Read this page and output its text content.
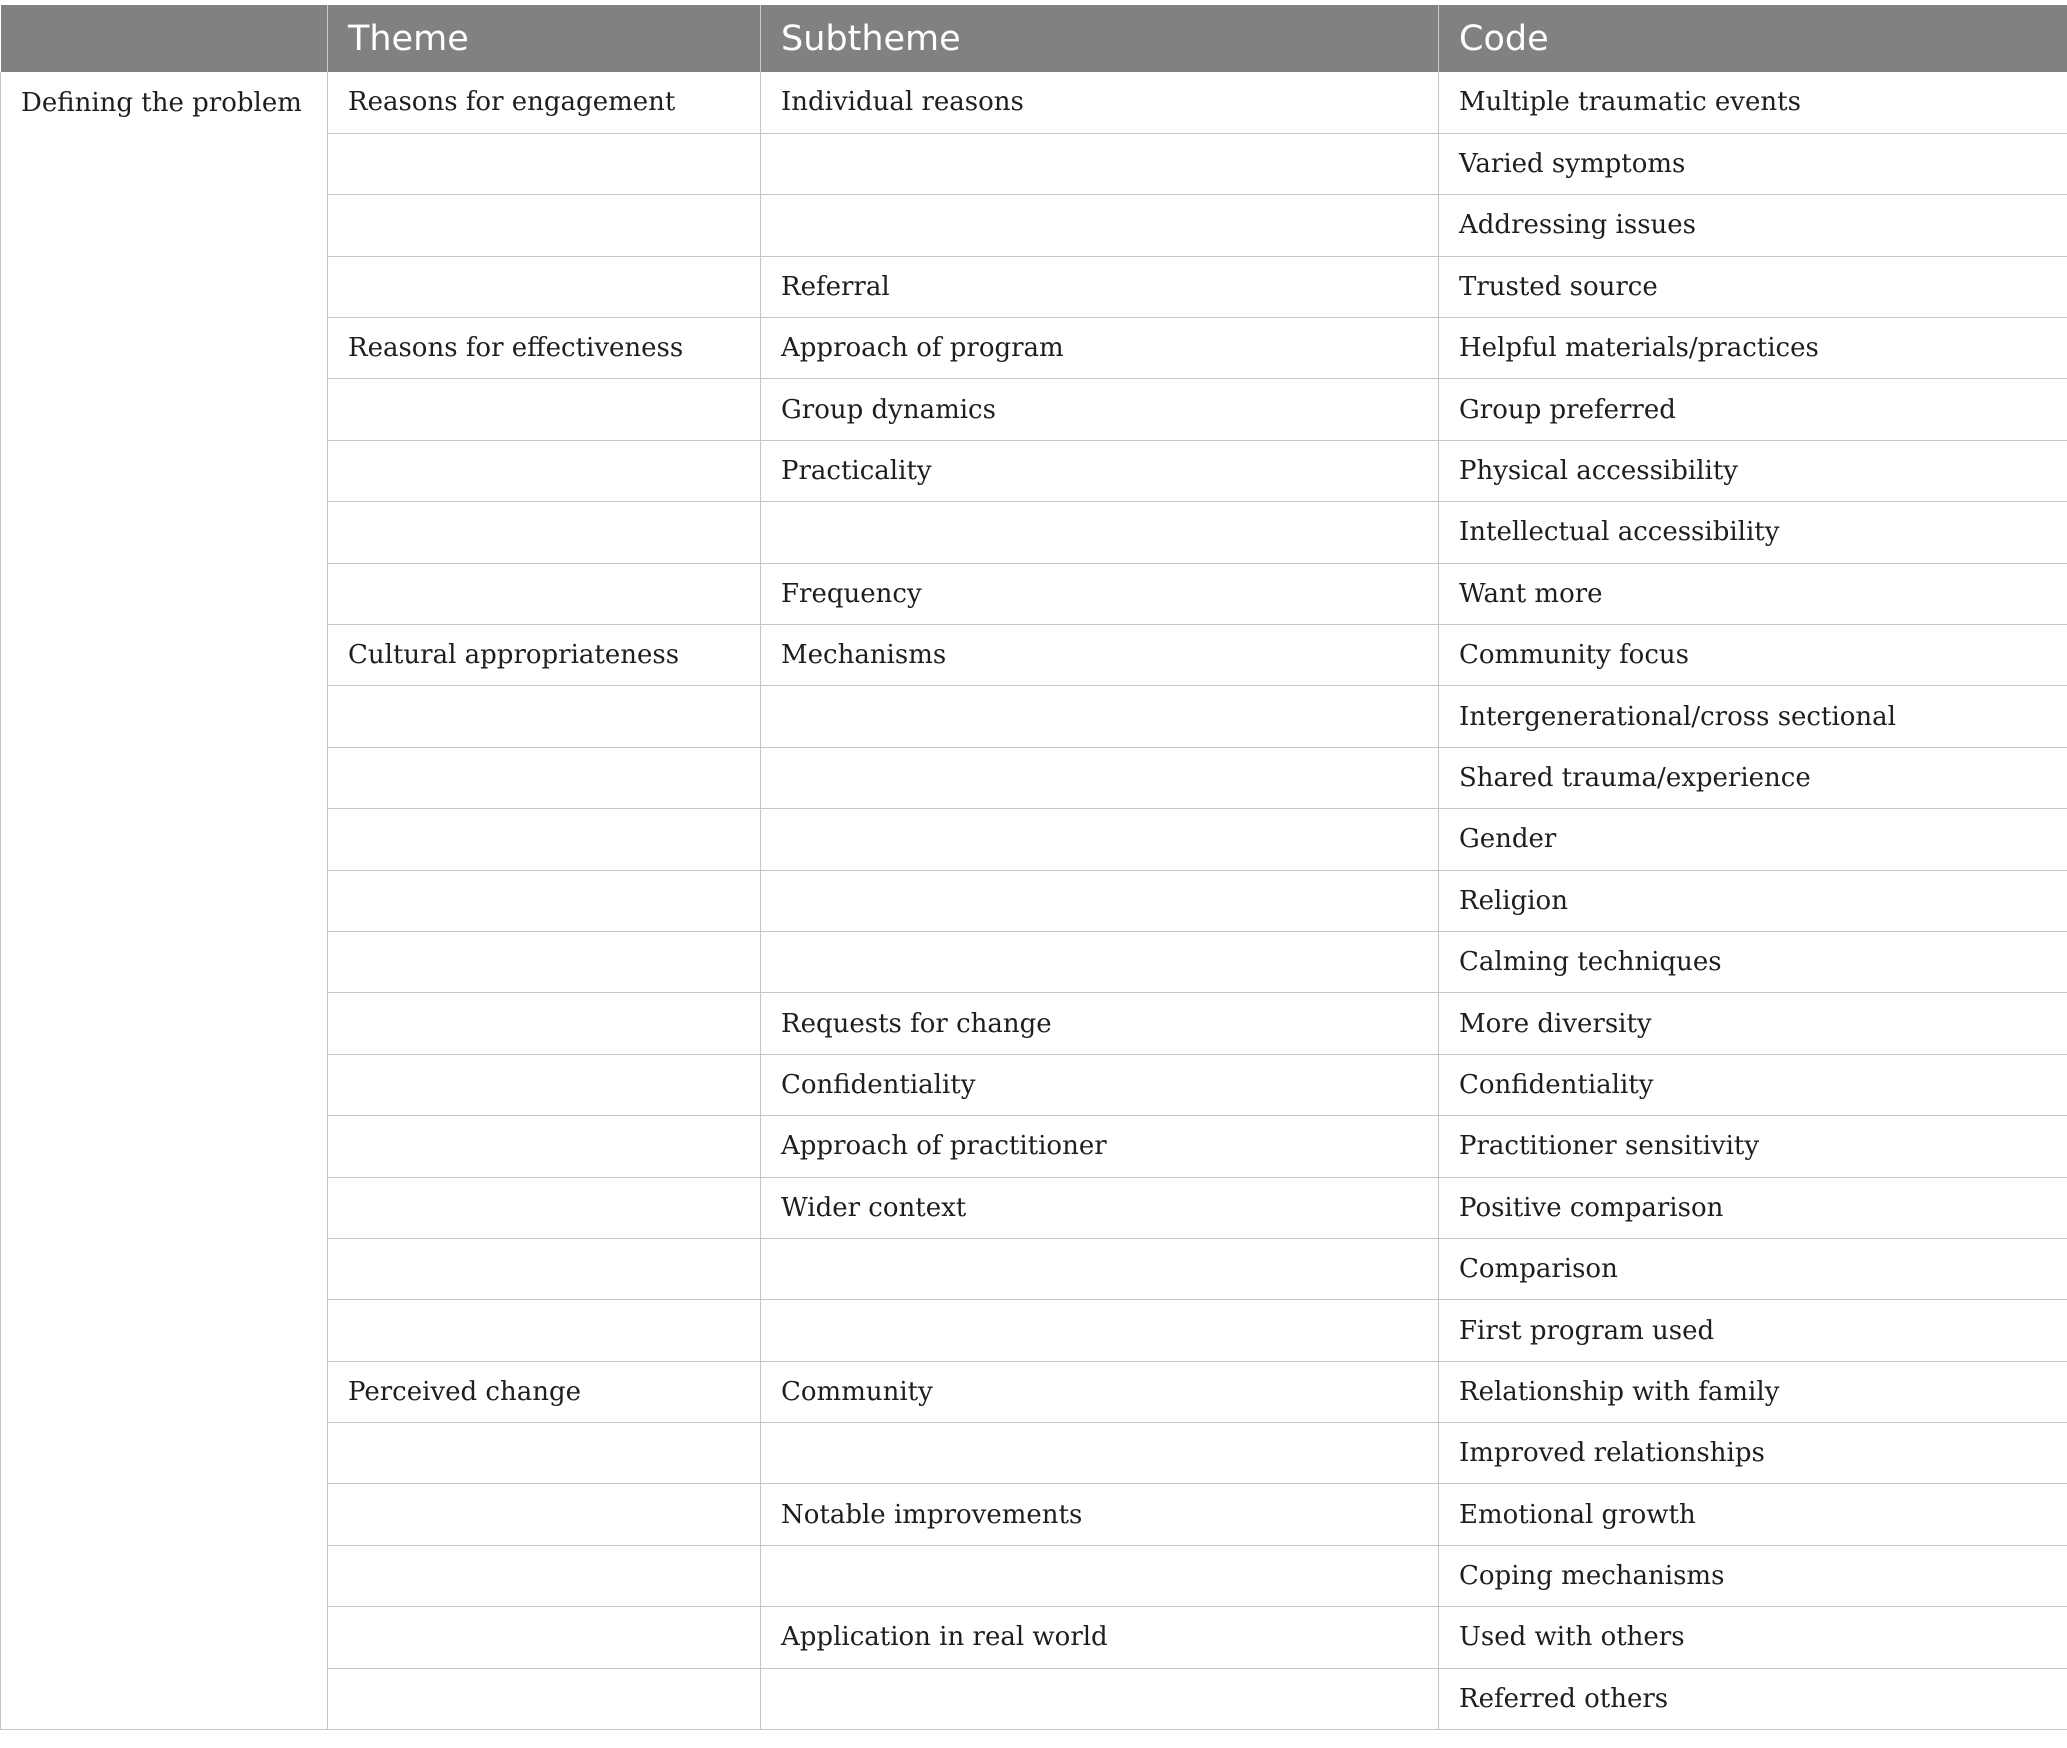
	Theme	Subtheme	Code
Defining the problem	Reasons for engagement	Individual reasons	Multiple traumatic events
			Varied symptoms
			Addressing issues
		Referral	Trusted source
	Reasons for effectiveness	Approach of program	Helpful materials/practices
		Group dynamics	Group preferred
		Practicality	Physical accessibility
			Intellectual accessibility
		Frequency	Want more
	Cultural appropriateness	Mechanisms	Community focus
			Intergenerational/cross sectional
			Shared trauma/experience
			Gender
			Religion
			Calming techniques
		Requests for change	More diversity
		Confidentiality	Confidentiality
		Approach of practitioner	Practitioner sensitivity
		Wider context	Positive comparison
			Comparison
			First program used
	Perceived change	Community	Relationship with family
			Improved relationships
		Notable improvements	Emotional growth
			Coping mechanisms
		Application in real world	Used with others
			Referred others
